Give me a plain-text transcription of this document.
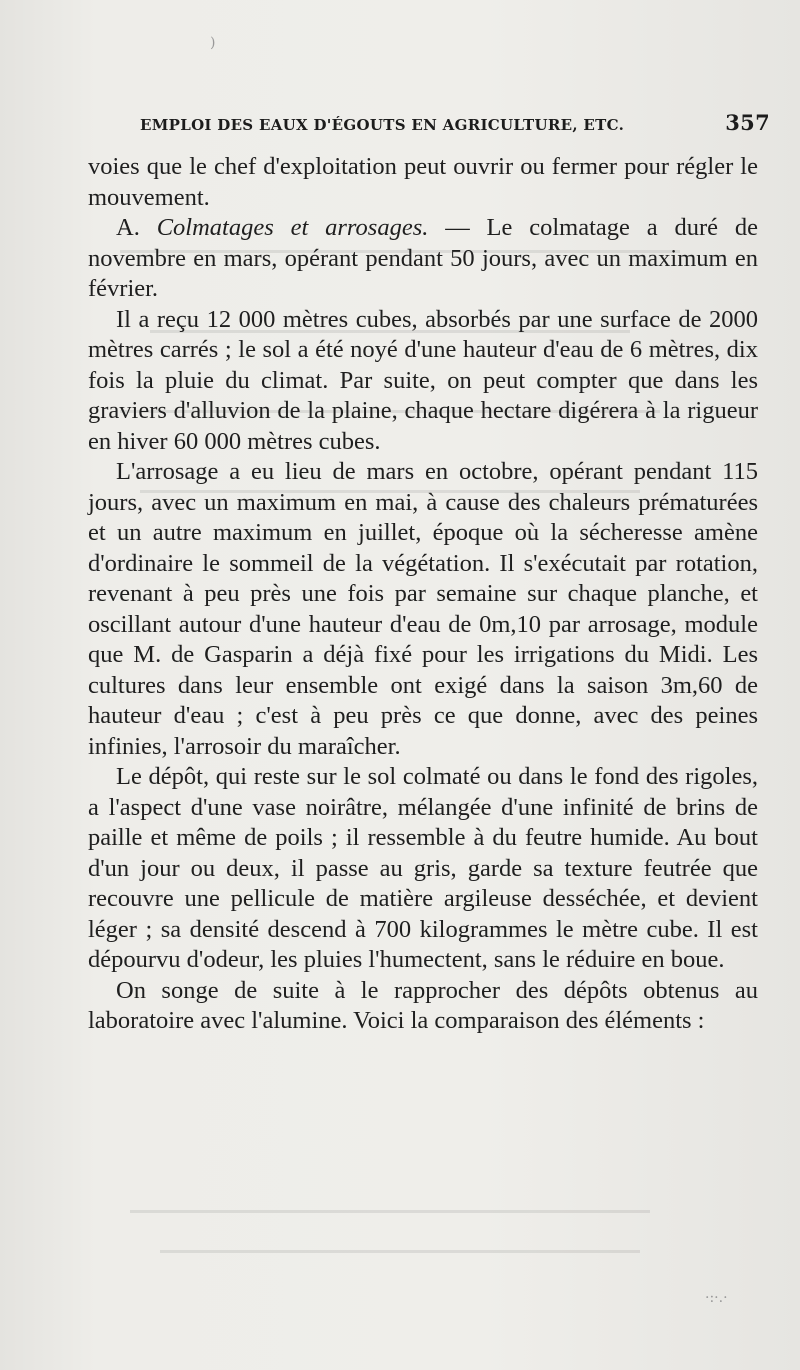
EMPLOI DES EAUX D'ÉGOUTS EN AGRICULTURE, ETC.	357

voies que le chef d'exploitation peut ouvrir ou fermer pour régler le mouvement.

A. Colmatages et arrosages. — Le colmatage a duré de novembre en mars, opérant pendant 50 jours, avec un maximum en février.

Il a reçu 12 000 mètres cubes, absorbés par une surface de 2000 mètres carrés ; le sol a été noyé d'une hauteur d'eau de 6 mètres, dix fois la pluie du climat. Par suite, on peut compter que dans les graviers d'alluvion de la plaine, chaque hectare digérera à la rigueur en hiver 60 000 mètres cubes.

L'arrosage a eu lieu de mars en octobre, opérant pendant 115 jours, avec un maximum en mai, à cause des chaleurs prématurées et un autre maximum en juillet, époque où la sécheresse amène d'ordinaire le sommeil de la végétation. Il s'exécutait par rotation, revenant à peu près une fois par semaine sur chaque planche, et oscillant autour d'une hauteur d'eau de 0m,10 par arrosage, module que M. de Gasparin a déjà fixé pour les irrigations du Midi. Les cultures dans leur ensemble ont exigé dans la saison 3m,60 de hauteur d'eau ; c'est à peu près ce que donne, avec des peines infinies, l'arrosoir du maraîcher.

Le dépôt, qui reste sur le sol colmaté ou dans le fond des rigoles, a l'aspect d'une vase noirâtre, mélangée d'une infinité de brins de paille et même de poils ; il ressemble à du feutre humide. Au bout d'un jour ou deux, il passe au gris, garde sa texture feutrée que recouvre une pellicule de matière argileuse desséchée, et devient léger ; sa densité descend à 700 kilogrammes le mètre cube. Il est dépourvu d'odeur, les pluies l'humectent, sans le réduire en boue.

On songe de suite à le rapprocher des dépôts obtenus au laboratoire avec l'alumine. Voici la comparaison des éléments :

)
·:·.·
